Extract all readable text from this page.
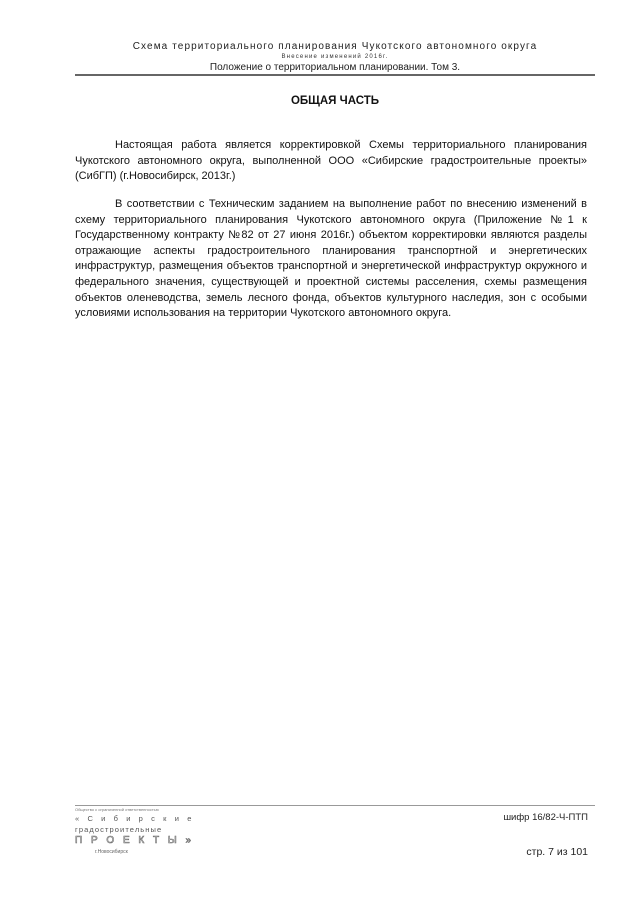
Схема территориального планирования Чукотского автономного округа
Внесение изменений 2016г.
Положение о территориальном планировании. Том 3.
ОБЩАЯ ЧАСТЬ

Настоящая работа является корректировкой Схемы территориального планирования Чукотского автономного округа, выполненной ООО «Сибирские градостроительные проекты» (СибГП) (г.Новосибирск, 2013г.)

В соответствии с Техническим заданием на выполнение работ по внесению изменений в схему территориального планирования Чукотского автономного округа (Приложение №1 к Государственному контракту №82 от 27 июня 2016г.) объектом корректировки являются разделы отражающие аспекты градостроительного планирования транспортной и энергетических инфраструктур, размещения объектов транспортной и энергетической инфраструктур окружного и федерального значения, существующей и проектной системы расселения, схемы размещения объектов оленеводства, земель лесного фонда, объектов культурного наследия, зон с особыми условиями использования на территории Чукотского автономного округа.

Общество с ограниченной ответственностью
« С и б и р с к и е
градостроительные
П Р О Е К Т Ы »
г.Новосибирск
шифр 16/82-Ч-ПТП
стр. 7 из 101
